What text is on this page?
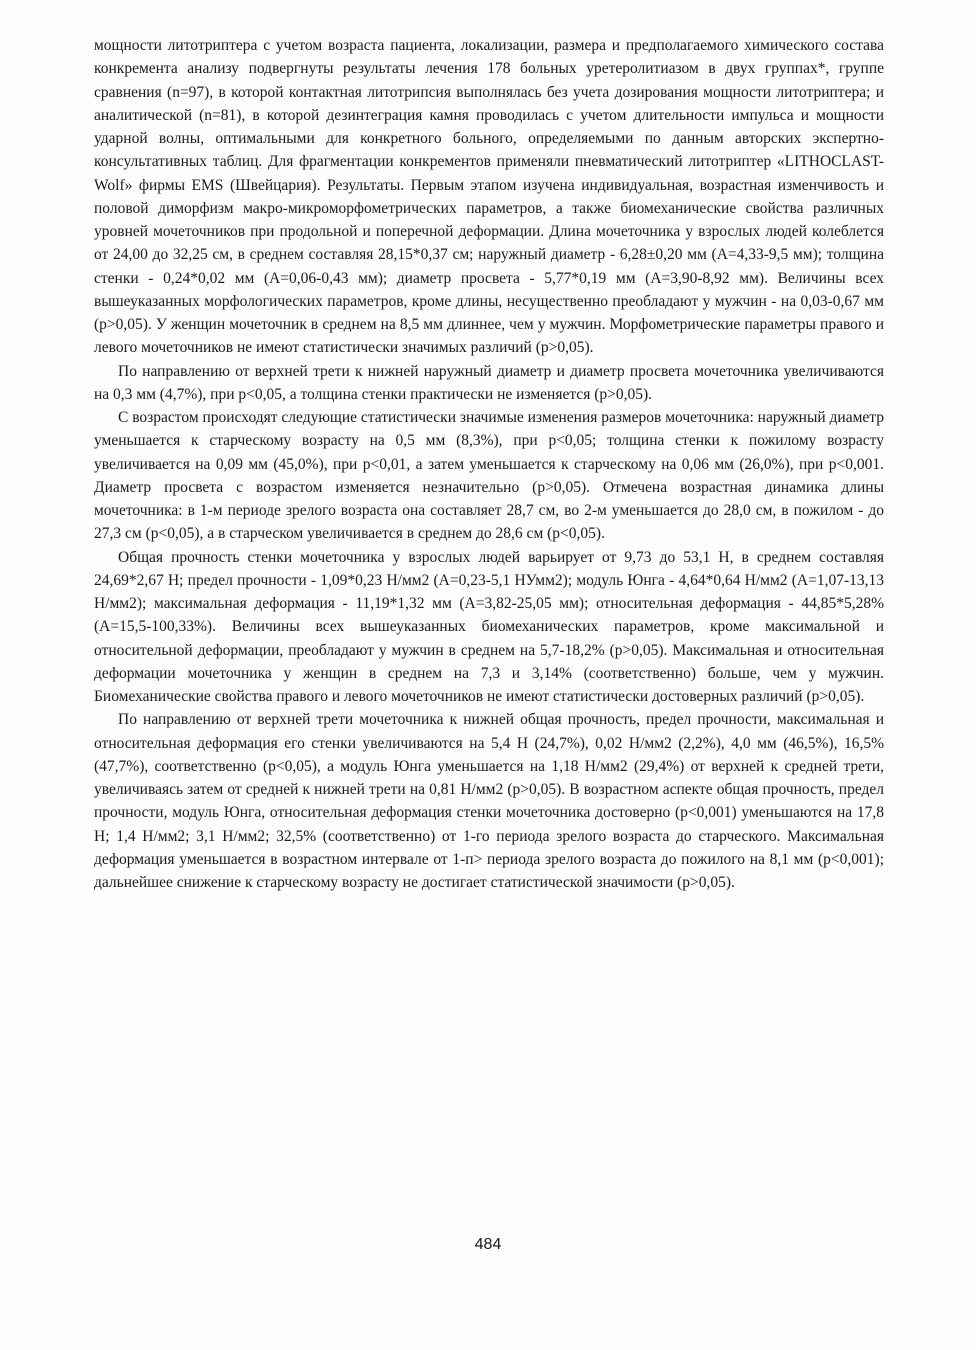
мощности литотриптера с учетом возраста пациента, локализации, размера и предполагаемого химического состава конкремента анализу подвергнуты результаты лечения 178 больных уретеролитиазом в двух группах*, группе сравнения (n=97), в которой контактная литотрипсия выполнялась без учета дозирования мощности литотриптера; и аналитической (n=81), в которой дезинтеграция камня проводилась с учетом длительности импульса и мощности ударной волны, оптимальными для конкретного больного, определяемыми по данным авторских экспертно-консультативных таблиц. Для фрагментации конкрементов применяли пневматический литотриптер «LITHOCLAST- Wolf» фирмы EMS (Швейцария). Результаты. Первым этапом изучена индивидуальная, возрастная изменчивость и половой диморфизм макро-микроморфометрических параметров, а также биомеханические свойства различных уровней мочеточников при продольной и поперечной деформации. Длина мочеточника у взрослых людей колеблется от 24,00 до 32,25 см, в среднем составляя 28,15*0,37 см; наружный диаметр - 6,28±0,20 мм (А=4,33-9,5 мм); толщина стенки - 0,24*0,02 мм (А=0,06-0,43 мм); диаметр просвета - 5,77*0,19 мм (А=3,90-8,92 мм). Величины всех вышеуказанных морфологических параметров, кроме длины, несущественно преобладают у мужчин - на 0,03-0,67 мм (p>0,05). У женщин мочеточник в среднем на 8,5 мм длиннее, чем у мужчин. Морфометрические параметры правого и левого мочеточников не имеют статистически значимых различий (p>0,05).

По направлению от верхней трети к нижней наружный диаметр и диаметр просвета мочеточника увеличиваются на 0,3 мм (4,7%), при p<0,05, а толщина стенки практически не изменяется (p>0,05).

С возрастом происходят следующие статистически значимые изменения размеров мочеточника: наружный диаметр уменьшается к старческому возрасту на 0,5 мм (8,3%), при p<0,05; толщина стенки к пожилому возрасту увеличивается на 0,09 мм (45,0%), при p<0,01, а затем уменьшается к старческому на 0,06 мм (26,0%), при p<0,001. Диаметр просвета с возрастом изменяется незначительно (p>0,05). Отмечена возрастная динамика длины мочеточника: в 1-м периоде зрелого возраста она составляет 28,7 см, во 2-м уменьшается до 28,0 см, в пожилом - до 27,3 см (p<0,05), а в старческом увеличивается в среднем до 28,6 см (p<0,05).

Общая прочность стенки мочеточника у взрослых людей варьирует от 9,73 до 53,1 Н, в среднем составляя 24,69*2,67 Н; предел прочности - 1,09*0,23 Н/мм2 (А=0,23-5,1 НУмм2); модуль Юнга - 4,64*0,64 Н/мм2 (А=1,07-13,13 Н/мм2); максимальная деформация - 11,19*1,32 мм (А=3,82-25,05 мм); относительная деформация - 44,85*5,28% (А=15,5-100,33%). Величины всех вышеуказанных биомеханических параметров, кроме максимальной и относительной деформации, преобладают у мужчин в среднем на 5,7-18,2% (p>0,05). Максимальная и относительная деформации мочеточника у женщин в среднем на 7,3 и 3,14% (соответственно) больше, чем у мужчин. Биомеханические свойства правого и левого мочеточников не имеют статистически достоверных различий (p>0,05).

По направлению от верхней трети мочеточника к нижней общая прочность, предел прочности, максимальная и относительная деформация его стенки увеличиваются на 5,4 Н (24,7%), 0,02 Н/мм2 (2,2%), 4,0 мм (46,5%), 16,5% (47,7%), соответственно (p<0,05), а модуль Юнга уменьшается на 1,18 Н/мм2 (29,4%) от верхней к средней трети, увеличиваясь затем от средней к нижней трети на 0,81 Н/мм2 (p>0,05). В возрастном аспекте общая прочность, предел прочности, модуль Юнга, относительная деформация стенки мочеточника достоверно (p<0,001) уменьшаются на 17,8 Н; 1,4 Н/мм2; 3,1 Н/мм2; 32,5% (соответственно) от 1-го периода зрелого возраста до старческого. Максимальная деформация уменьшается в возрастном интервале от 1-п> периода зрелого возраста до пожилого на 8,1 мм (p<0,001); дальнейшее снижение к старческому возрасту не достигает статистической значимости (p>0,05).

484
